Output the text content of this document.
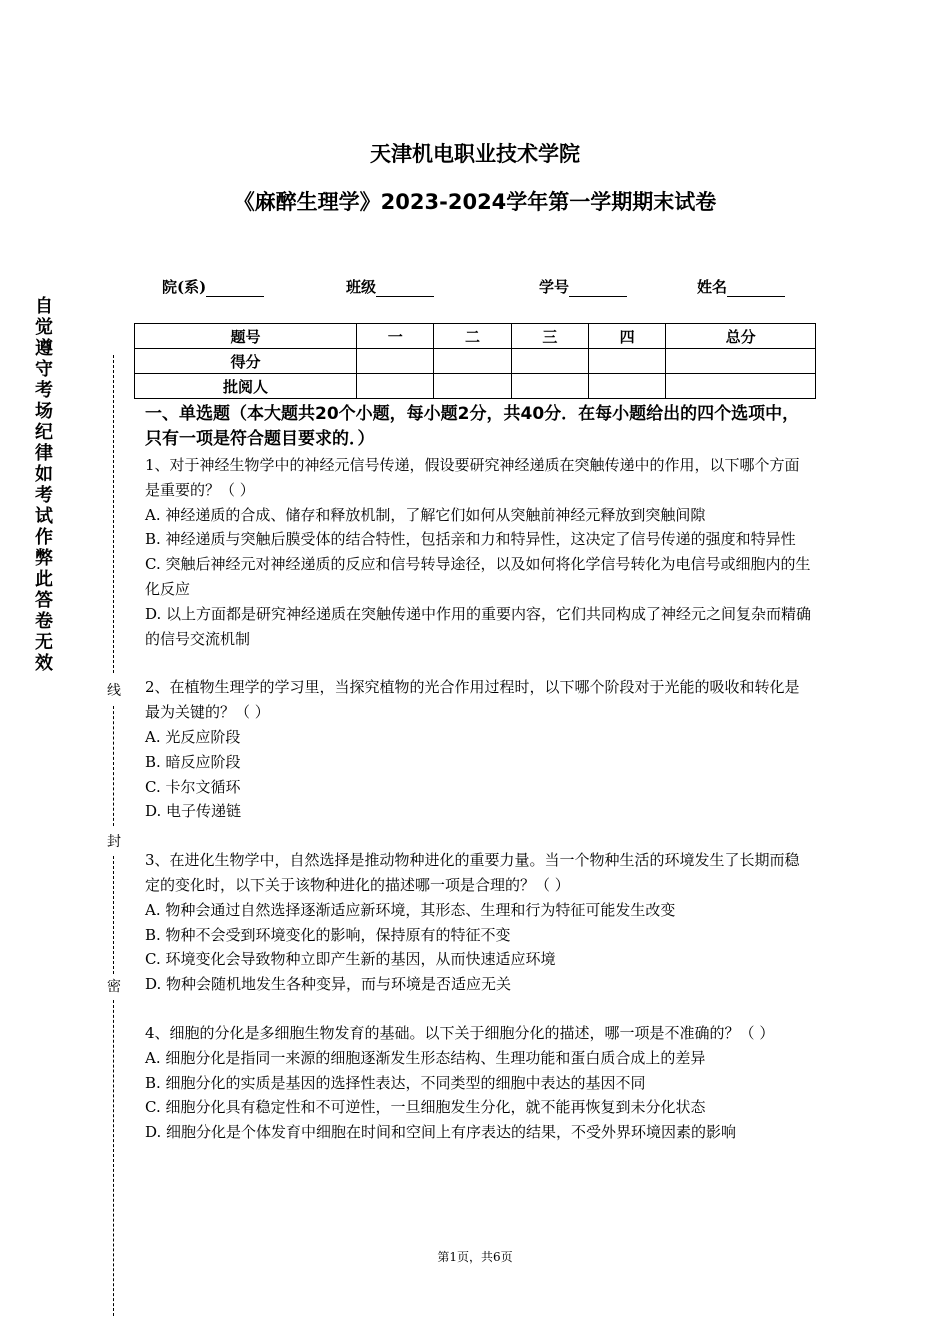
天津机电职业技术学院
《麻醉生理学》2023-2024学年第一学期期末试卷
院(系)	班级	学号	姓名
题号	一	二	三	四	总分
得分					
批阅人					
自
觉
遵
守
考
场
纪
律
如
考
试
作
弊
此
答
卷
无
效
线
封
密
一、单选题（本大题共20个小题，每小题2分，共40分．在每小题给出的四个选项中，只有一项是符合题目要求的．）

1、对于神经生物学中的神经元信号传递，假设要研究神经递质在突触传递中的作用，以下哪个方面是重要的？（ ）

A. 神经递质的合成、储存和释放机制，了解它们如何从突触前神经元释放到突触间隙

B. 神经递质与突触后膜受体的结合特性，包括亲和力和特异性，这决定了信号传递的强度和特异性

C. 突触后神经元对神经递质的反应和信号转导途径，以及如何将化学信号转化为电信号或细胞内的生化反应

D. 以上方面都是研究神经递质在突触传递中作用的重要内容，它们共同构成了神经元之间复杂而精确的信号交流机制

2、在植物生理学的学习里，当探究植物的光合作用过程时，以下哪个阶段对于光能的吸收和转化是最为关键的？（ ）

A. 光反应阶段

B. 暗反应阶段

C. 卡尔文循环

D. 电子传递链

3、在进化生物学中，自然选择是推动物种进化的重要力量。当一个物种生活的环境发生了长期而稳定的变化时，以下关于该物种进化的描述哪一项是合理的？（ ）

A. 物种会通过自然选择逐渐适应新环境，其形态、生理和行为特征可能发生改变

B. 物种不会受到环境变化的影响，保持原有的特征不变

C. 环境变化会导致物种立即产生新的基因，从而快速适应环境

D. 物种会随机地发生各种变异，而与环境是否适应无关

4、细胞的分化是多细胞生物发育的基础。以下关于细胞分化的描述，哪一项是不准确的？（ ）

A. 细胞分化是指同一来源的细胞逐渐发生形态结构、生理功能和蛋白质合成上的差异

B. 细胞分化的实质是基因的选择性表达，不同类型的细胞中表达的基因不同

C. 细胞分化具有稳定性和不可逆性，一旦细胞发生分化，就不能再恢复到未分化状态

D. 细胞分化是个体发育中细胞在时间和空间上有序表达的结果，不受外界环境因素的影响

第1页，共6页
